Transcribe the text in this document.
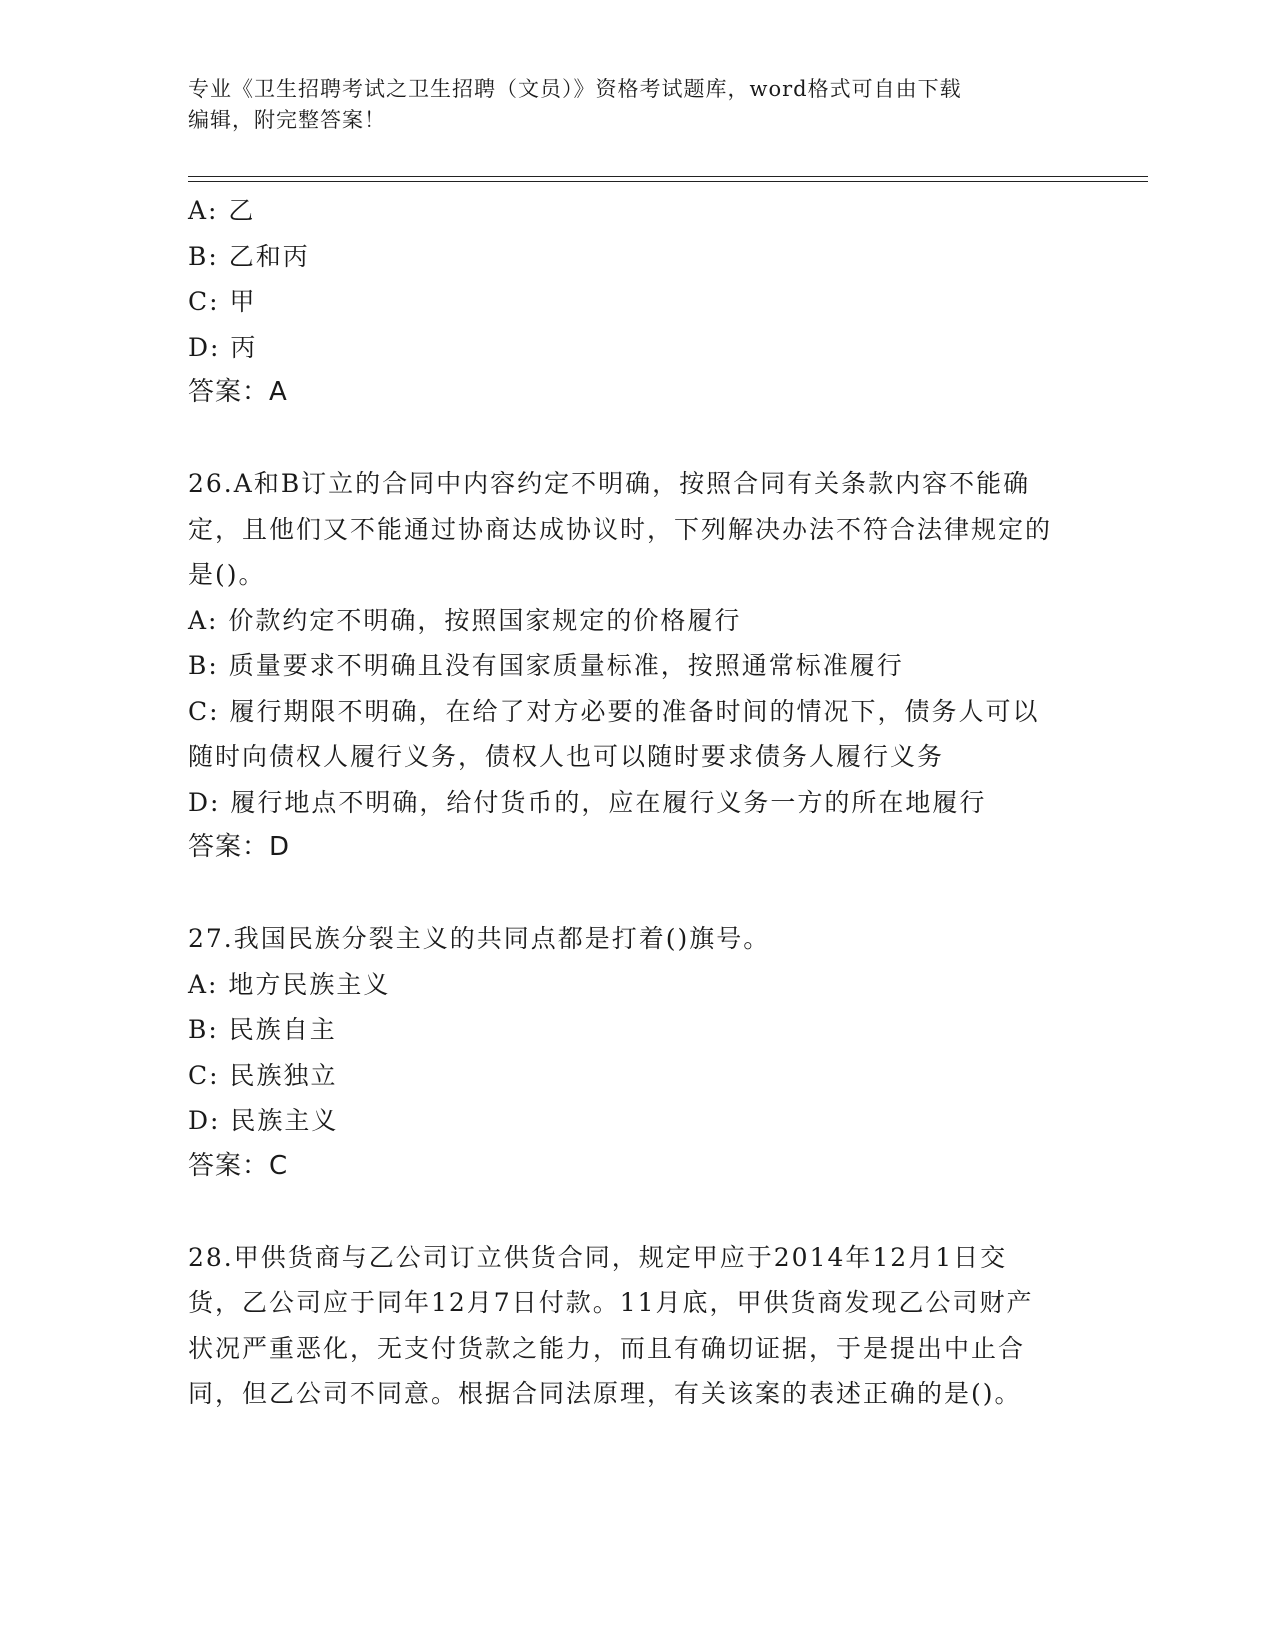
专业《卫生招聘考试之卫生招聘（文员）》资格考试题库，word格式可自由下载
编辑，附完整答案！
A: 乙
B: 乙和丙
C: 甲
D: 丙
答案：A
26.A和B订立的合同中内容约定不明确，按照合同有关条款内容不能确定，且他们又不能通过协商达成协议时，下列解决办法不符合法律规定的是()。
A: 价款约定不明确，按照国家规定的价格履行
B: 质量要求不明确且没有国家质量标准，按照通常标准履行
C: 履行期限不明确，在给了对方必要的准备时间的情况下，债务人可以随时向债权人履行义务，债权人也可以随时要求债务人履行义务
D: 履行地点不明确，给付货币的，应在履行义务一方的所在地履行
答案：D
27.我国民族分裂主义的共同点都是打着()旗号。
A: 地方民族主义
B: 民族自主
C: 民族独立
D: 民族主义
答案：C
28.甲供货商与乙公司订立供货合同，规定甲应于2014年12月1日交货，乙公司应于同年12月7日付款。11月底，甲供货商发现乙公司财产状况严重恶化，无支付货款之能力，而且有确切证据，于是提出中止合同，但乙公司不同意。根据合同法原理，有关该案的表述正确的是()。
